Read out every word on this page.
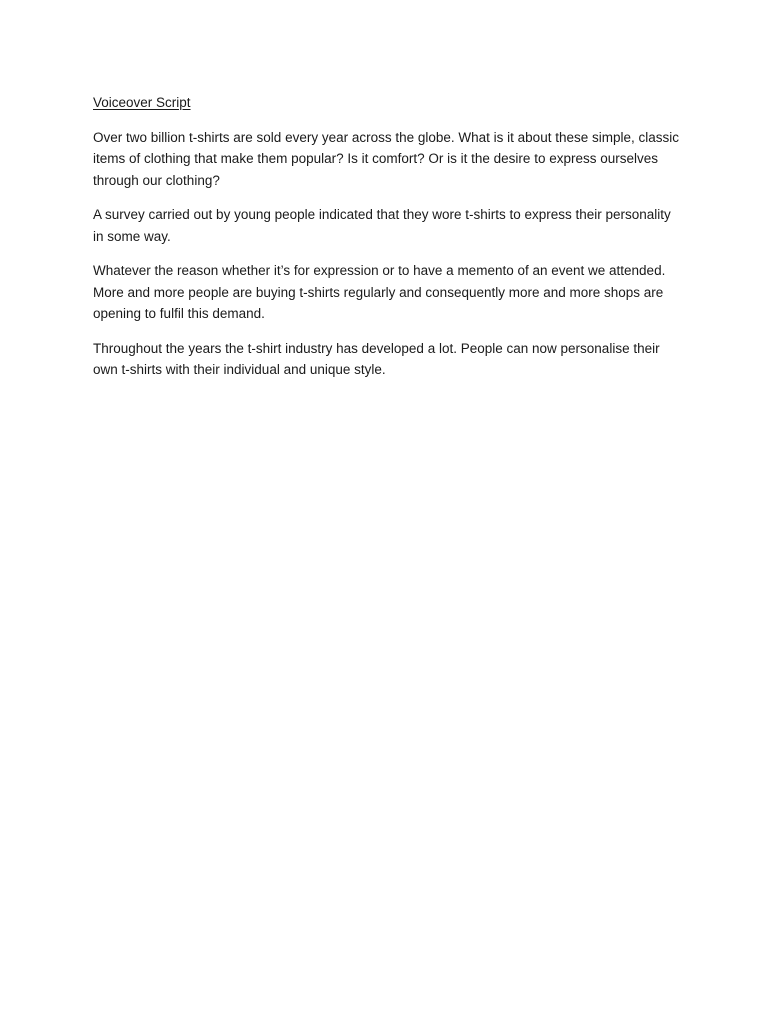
Voiceover Script

Over two billion t-shirts are sold every year across the globe. What is it about these simple, classic items of clothing that make them popular? Is it comfort? Or is it the desire to express ourselves through our clothing?

A survey carried out by young people indicated that they wore t-shirts to express their personality in some way.

Whatever the reason whether it’s for expression or to have a memento of an event we attended. More and more people are buying t-shirts regularly and consequently more and more shops are opening to fulfil this demand.

Throughout the years the t-shirt industry has developed a lot. People can now personalise their own t-shirts with their individual and unique style.
